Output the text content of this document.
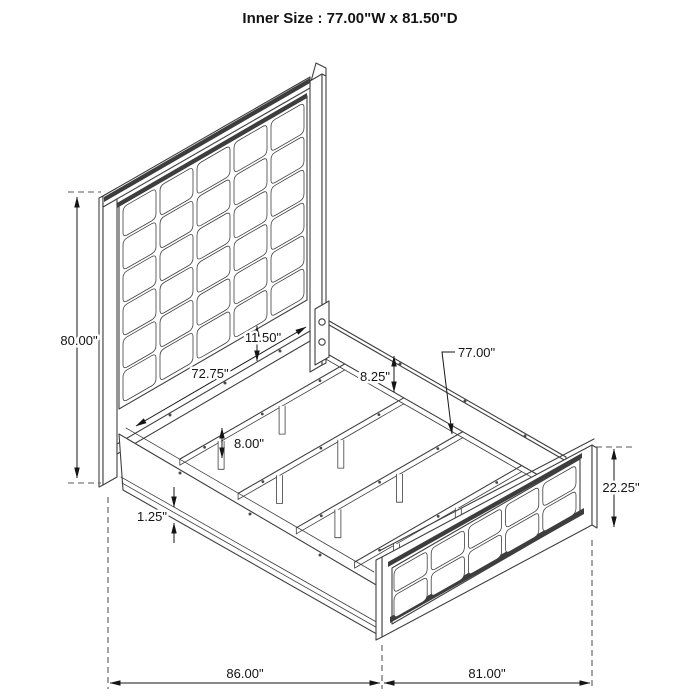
Inner Size : 77.00"W x 81.50"D
80.00"	11.50"
72.75"	8.25"
77.00"
8.00"
1.25"
22.25"
86.00"	81.00"
